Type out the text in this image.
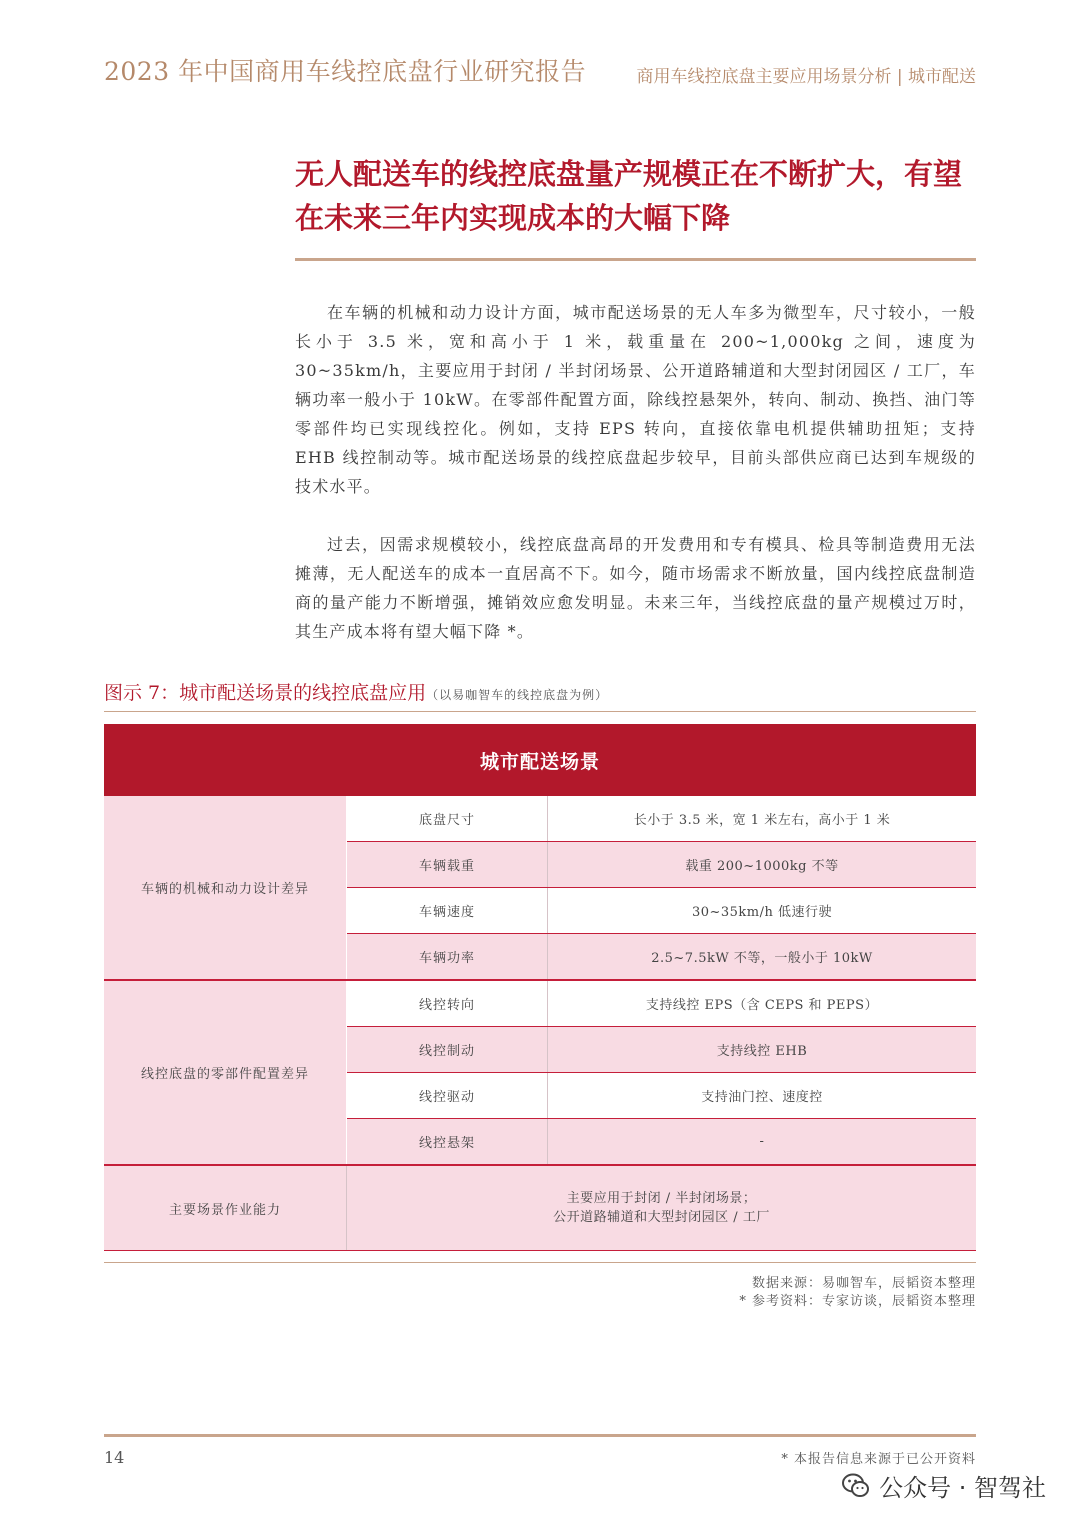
2023 年中国商用车线控底盘行业研究报告	商用车线控底盘主要应用场景分析 | 城市配送
无人配送车的线控底盘量产规模正在不断扩大，有望在未来三年内实现成本的大幅下降
在车辆的机械和动力设计方面，城市配送场景的无人车多为微型车，尺寸较小，一般长小于 3.5 米，宽和高小于 1 米，载重量在 200~1,000kg 之间，速度为 30~35km/h，主要应用于封闭 / 半封闭场景、公开道路辅道和大型封闭园区 / 工厂，车辆功率一般小于 10kW。在零部件配置方面，除线控悬架外，转向、制动、换挡、油门等零部件均已实现线控化。例如，支持 EPS 转向，直接依靠电机提供辅助扭矩；支持 EHB 线控制动等。城市配送场景的线控底盘起步较早，目前头部供应商已达到车规级的技术水平。
过去，因需求规模较小，线控底盘高昂的开发费用和专有模具、检具等制造费用无法摊薄，无人配送车的成本一直居高不下。如今，随市场需求不断放量，国内线控底盘制造商的量产能力不断增强，摊销效应愈发明显。未来三年，当线控底盘的量产规模过万时，其生产成本将有望大幅下降 *。
图示 7：城市配送场景的线控底盘应用（以易咖智车的线控底盘为例）
城市配送场景
车辆的机械和动力设计差异
底盘尺寸	长小于 3.5 米，宽 1 米左右，高小于 1 米
车辆载重	载重 200~1000kg 不等
车辆速度	30~35km/h 低速行驶
车辆功率	2.5~7.5kW 不等，一般小于 10kW
线控底盘的零部件配置差异
线控转向	支持线控 EPS（含 CEPS 和 PEPS）
线控制动	支持线控 EHB
线控驱动	支持油门控、速度控
线控悬架	-
主要场景作业能力
主要应用于封闭 / 半封闭场景；
公开道路辅道和大型封闭园区 / 工厂
数据来源：易咖智车，辰韬资本整理
* 参考资料：专家访谈，辰韬资本整理
14	* 本报告信息来源于已公开资料
公众号 · 智驾社
